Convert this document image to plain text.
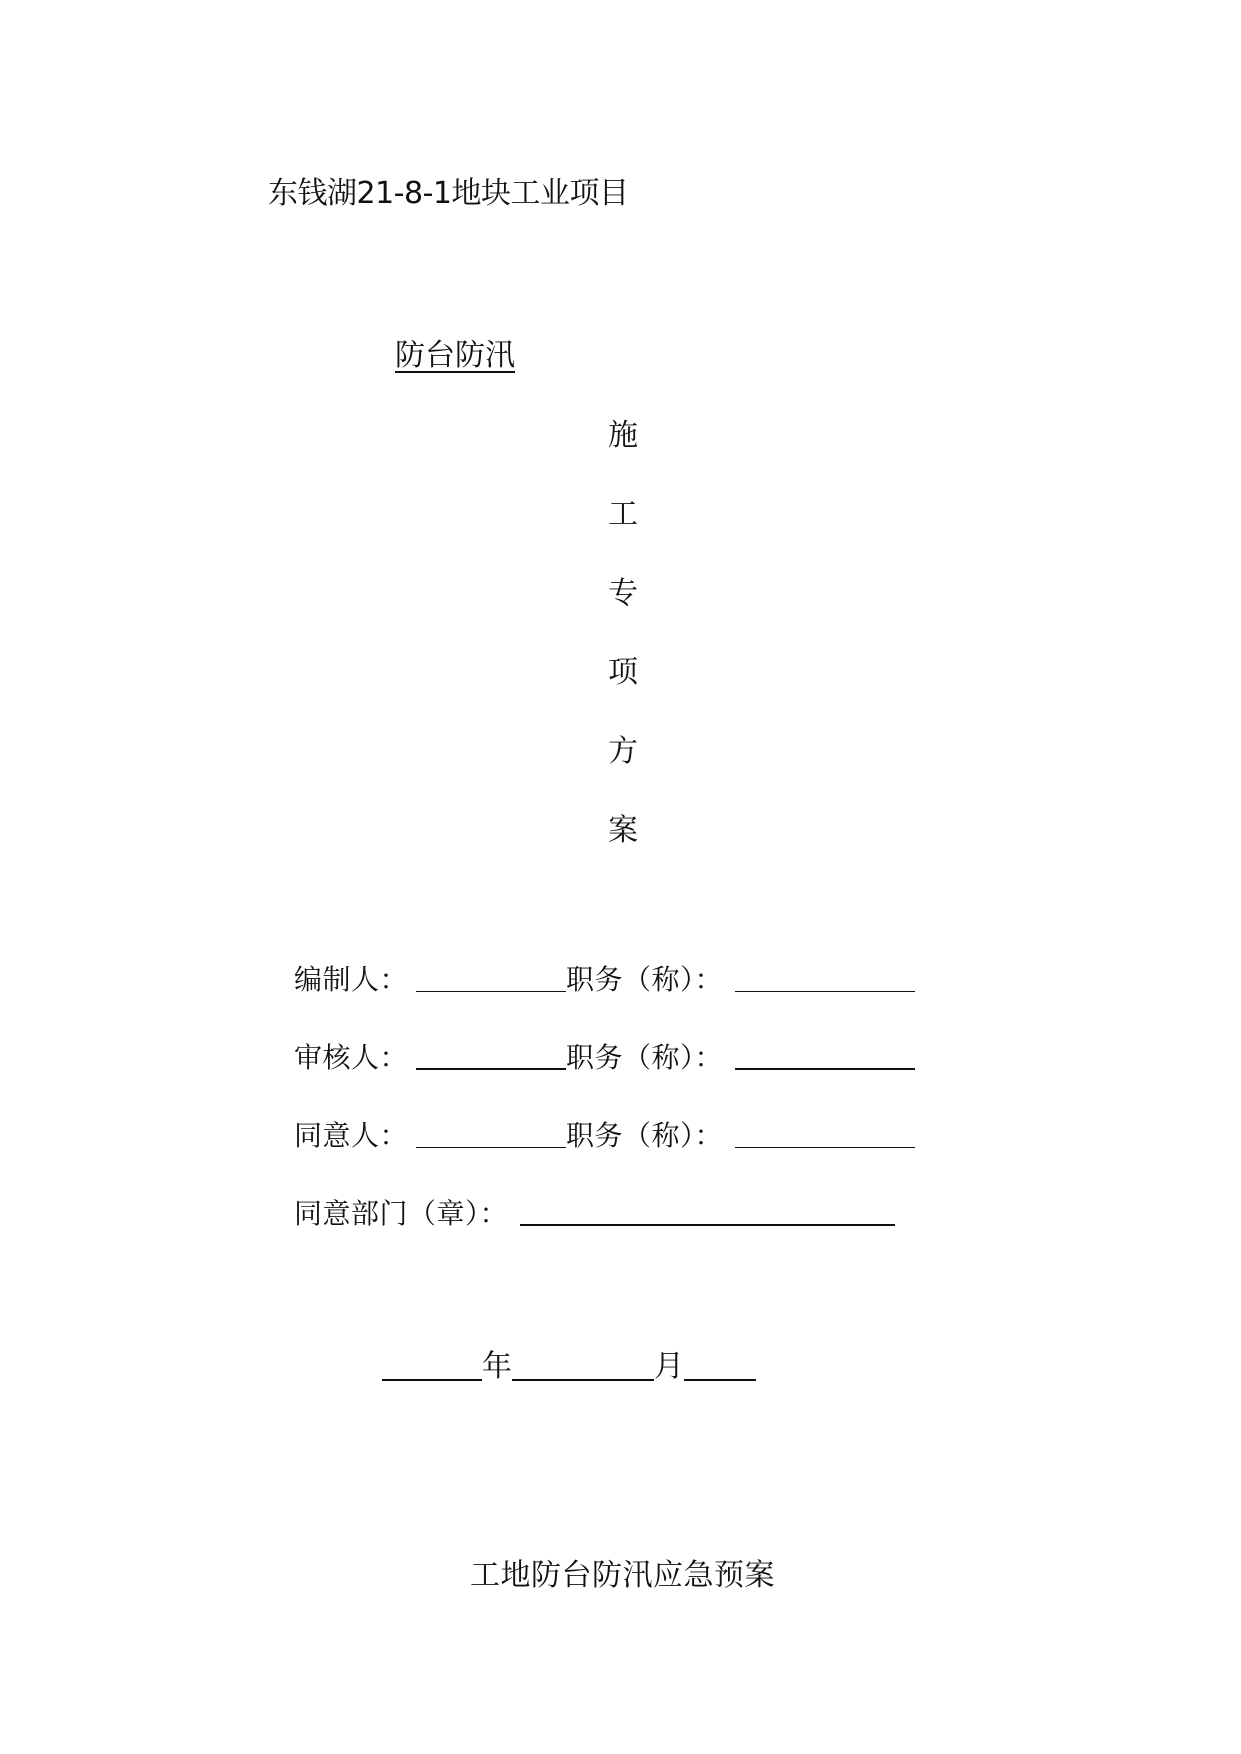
东钱湖21-8-1地块工业项目
防台防汛
施
工
专
项
方
案
编制人：	职务（称）：
审核人：	职务（称）：
同意人：	职务（称）：
同意部门（章）：
年	月
工地防台防汛应急预案
